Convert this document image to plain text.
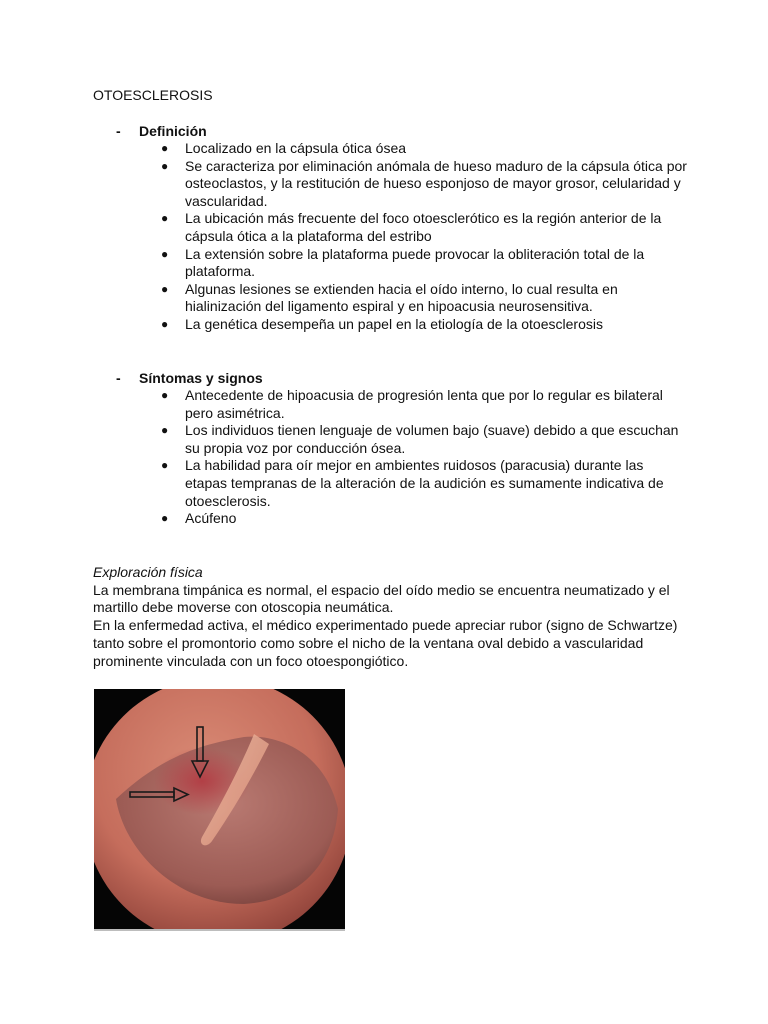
OTOESCLEROSIS
-	Definición
● Localizado en la cápsula ótica ósea
● Se caracteriza por eliminación anómala de hueso maduro de la cápsula ótica por osteoclastos, y la restitución de hueso esponjoso de mayor grosor, celularidad y vascularidad.
● La ubicación más frecuente del foco otoesclerótico es la región anterior de la cápsula ótica a la plataforma del estribo
● La extensión sobre la plataforma puede provocar la obliteración total de la plataforma.
● Algunas lesiones se extienden hacia el oído interno, lo cual resulta en hialinización del ligamento espiral y en hipoacusia neurosensitiva.
● La genética desempeña un papel en la etiología de la otoesclerosis
-	Síntomas y signos
● Antecedente de hipoacusia de progresión lenta que por lo regular es bilateral pero asimétrica.
● Los individuos tienen lenguaje de volumen bajo (suave) debido a que escuchan su propia voz por conducción ósea.
● La habilidad para oír mejor en ambientes ruidosos (paracusia) durante las etapas tempranas de la alteración de la audición es sumamente indicativa de otoesclerosis.
● Acúfeno

Exploración física

La membrana timpánica es normal, el espacio del oído medio se encuentra neumatizado y el martillo debe moverse con otoscopia neumática.

En la enfermedad activa, el médico experimentado puede apreciar rubor (signo de Schwartze) tanto sobre el promontorio como sobre el nicho de la ventana oval debido a vascularidad prominente vinculada con un foco otoespongiótico.
